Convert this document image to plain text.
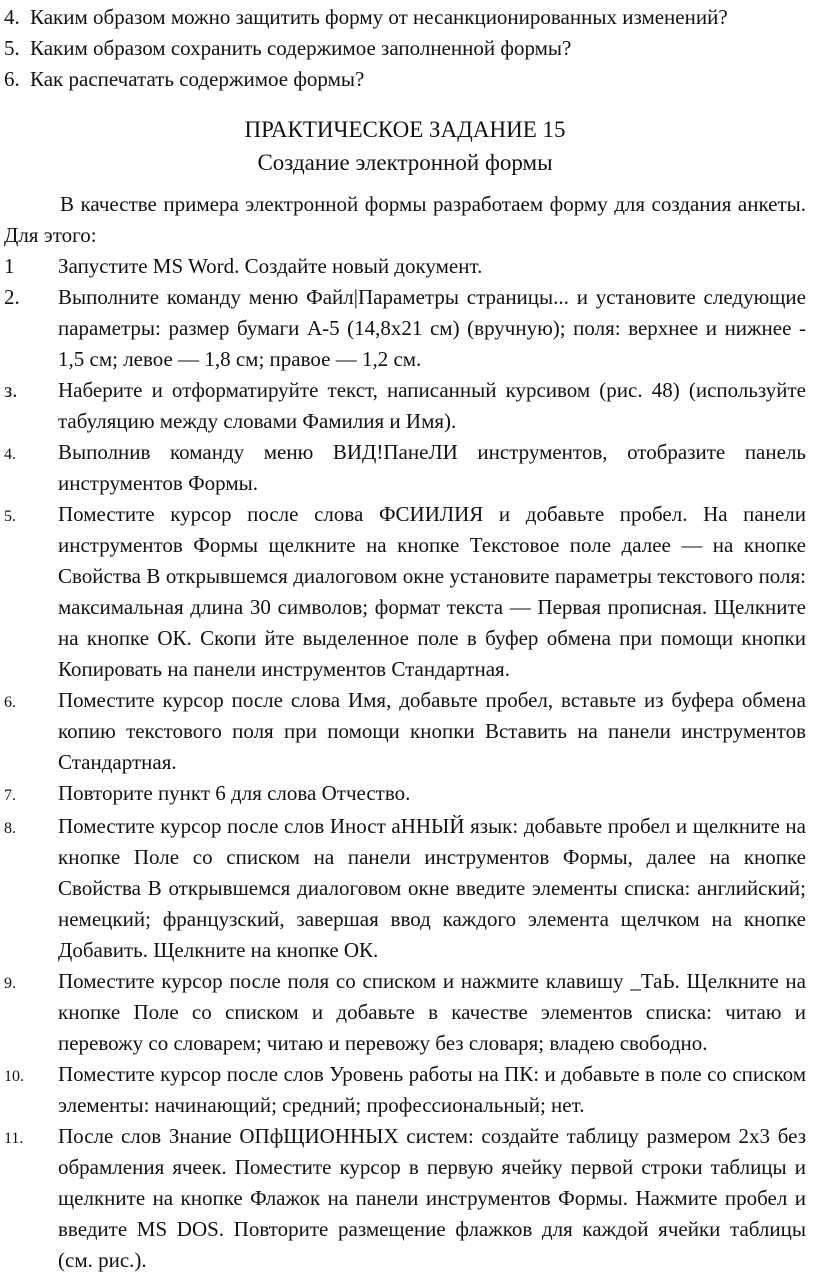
4. Каким образом можно защитить форму от несанкционированных изменений?
5. Каким образом сохранить содержимое заполненной формы?
6. Как распечатать содержимое формы?
ПРАКТИЧЕСКОЕ ЗАДАНИЕ 15
Создание электронной формы

В качестве примера электронной формы разработаем форму для создания анкеты. Для этого:

1	Запустите MS Word. Создайте новый документ.
2.	Выполните команду меню Файл|Параметры страницы... и установите следующие параметры: размер бумаги А-5 (14,8x21 см) (вручную); поля: верхнее и нижнее - 1,5 см; левое — 1,8 см; правое — 1,2 см.
з.	Наберите и отформатируйте текст, написанный курсивом (рис. 48) (используйте табуляцию между словами Фамилия и Имя).
4.	Выполнив команду меню ВИД!ПанеЛИ инструментов, отобразите панель инструментов Формы.
5.	Поместите курсор после слова ФСИИЛИЯ и добавьте пробел. На панели инструментов Формы щелкните на кнопке Текстовое поле далее — на кнопке Свойства В открывшемся диалоговом окне установите параметры текстового поля: максимальная длина 30 символов; формат текста — Первая прописная. Щелкните на кнопке ОК. Скопи йте выделенное поле в буфер обмена при помощи кнопки Копировать на панели инструментов Стандартная.
6.	Поместите курсор после слова Имя, добавьте пробел, вставьте из буфера обмена копию текстового поля при помощи кнопки Вставить на панели инструментов Стандартная.
7.	Повторите пункт 6 для слова Отчество.
8.	Поместите курсор после слов Иност аННЫЙ язык: добавьте пробел и щелкните на кнопке Поле со списком на панели инструментов Формы, далее на кнопке Свойства В открывшемся диалоговом окне введите элементы списка: английский; немецкий; французский, завершая ввод каждого элемента щелчком на кнопке Добавить. Щелкните на кнопке ОК.
9.	Поместите курсор после поля со списком и нажмите клавишу _ТаЬ. Щелкните на кнопке Поле со списком и добавьте в качестве элементов списка: читаю и перевожу со словарем; читаю и перевожу без словаря; владею свободно.
10.	Поместите курсор после слов Уровень работы на ПК: и добавьте в поле со списком элементы: начинающий; средний; профессиональный; нет.
11.	После слов Знание ОПфЩИОННЫХ систем: создайте таблицу размером 2x3 без обрамления ячеек. Поместите курсор в первую ячейку первой строки таблицы и щелкните на кнопке Флажок на панели инструментов Формы. Нажмите пробел и введите MS DOS. Повторите размещение флажков для каждой ячейки таблицы (см. рис.).
